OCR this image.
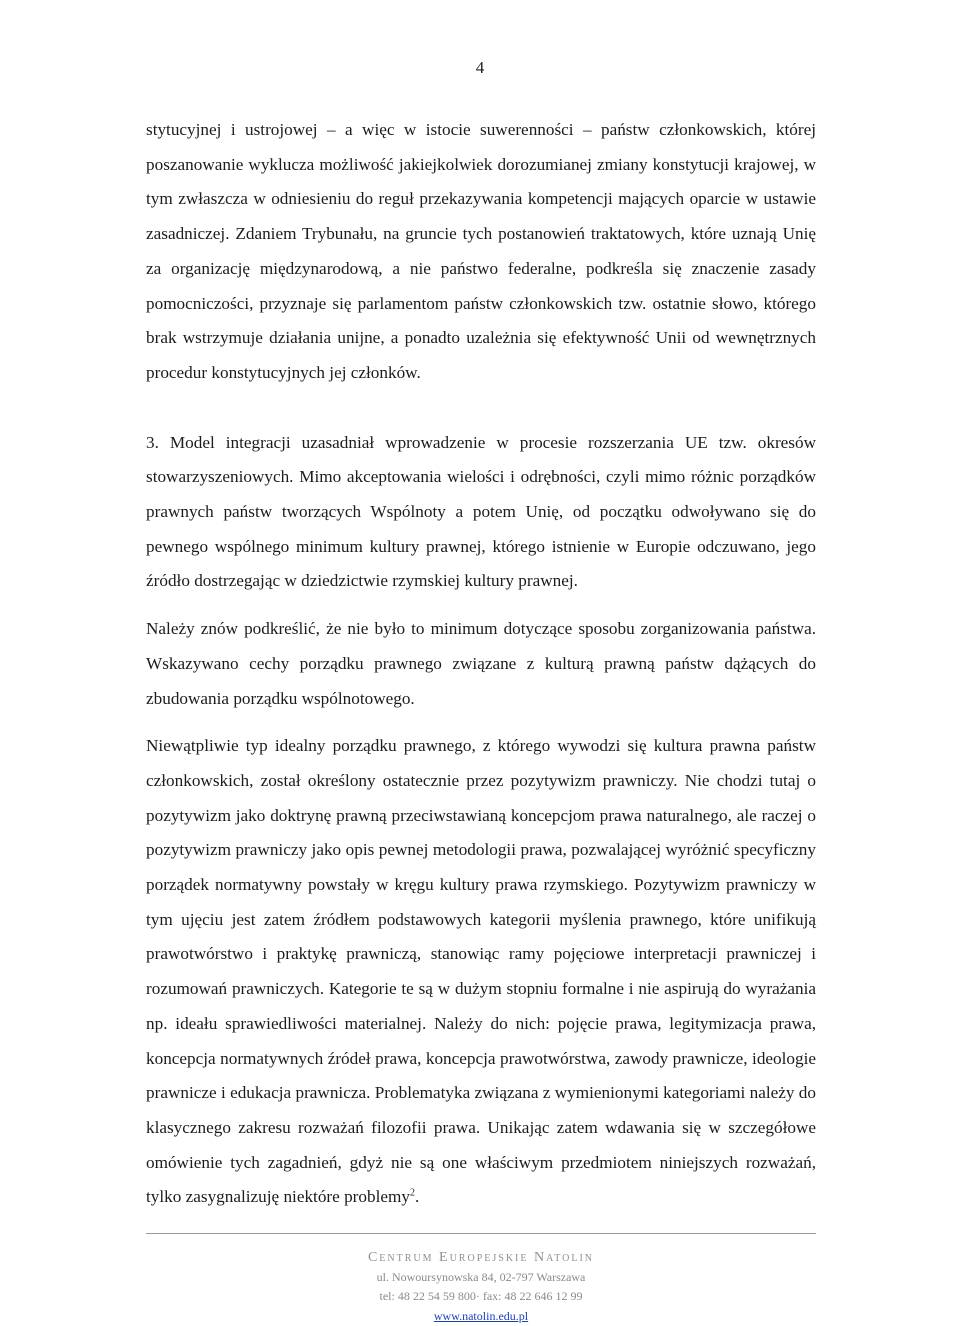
4

stytucyjnej i ustrojowej – a więc w istocie suwerenności – państw członkowskich, której poszanowanie wyklucza możliwość jakiejkolwiek dorozumianej zmiany konstytucji krajowej, w tym zwłaszcza w odniesieniu do reguł przekazywania kompetencji mających oparcie w ustawie zasadniczej. Zdaniem Trybunału, na gruncie tych postanowień traktatowych, które uznają Unię za organizację międzynarodową, a nie państwo federalne, podkreśla się znaczenie zasady pomocniczości, przyznaje się parlamentom państw członkowskich tzw. ostatnie słowo, którego brak wstrzymuje działania unijne, a ponadto uzależnia się efektywność Unii od wewnętrznych procedur konstytucyjnych jej członków.

3. Model integracji uzasadniał wprowadzenie w procesie rozszerzania UE tzw. okresów stowarzyszeniowych. Mimo akceptowania wielości i odrębności, czyli mimo różnic porządków prawnych państw tworzących Wspólnoty a potem Unię, od początku odwoływano się do pewnego wspólnego minimum kultury prawnej, którego istnienie w Europie odczuwano, jego źródło dostrzegając w dziedzictwie rzymskiej kultury prawnej.

Należy znów podkreślić, że nie było to minimum dotyczące sposobu zorganizowania państwa. Wskazywano cechy porządku prawnego związane z kulturą prawną państw dążących do zbudowania porządku wspólnotowego.

Niewątpliwie typ idealny porządku prawnego, z którego wywodzi się kultura prawna państw członkowskich, został określony ostatecznie przez pozytywizm prawniczy. Nie chodzi tutaj o pozytywizm jako doktrynę prawną przeciwstawianą koncepcjom prawa naturalnego, ale raczej o pozytywizm prawniczy jako opis pewnej metodologii prawa, pozwalającej wyróżnić specyficzny porządek normatywny powstały w kręgu kultury prawa rzymskiego. Pozytywizm prawniczy w tym ujęciu jest zatem źródłem podstawowych kategorii myślenia prawnego, które unifikują prawotwórstwo i praktykę prawniczą, stanowiąc ramy pojęciowe interpretacji prawniczej i rozumowań prawniczych. Kategorie te są w dużym stopniu formalne i nie aspirują do wyrażania np. ideału sprawiedliwości materialnej. Należy do nich: pojęcie prawa, legitymizacja prawa, koncepcja normatywnych źródeł prawa, koncepcja prawotwórstwa, zawody prawnicze, ideologie prawnicze i edukacja prawnicza. Problematyka związana z wymienionymi kategoriami należy do klasycznego zakresu rozważań filozofii prawa. Unikając zatem wdawania się w szczegółowe omówienie tych zagadnień, gdyż nie są one właściwym przedmiotem niniejszych rozważań, tylko zasygnalizuję niektóre problemy$^2$.

Centrum Europejskie Natolin
ul. Nowoursynowska 84, 02-797 Warszawa
tel: 48 22 54 59 800· fax: 48 22 646 12 99
www.natolin.edu.pl
